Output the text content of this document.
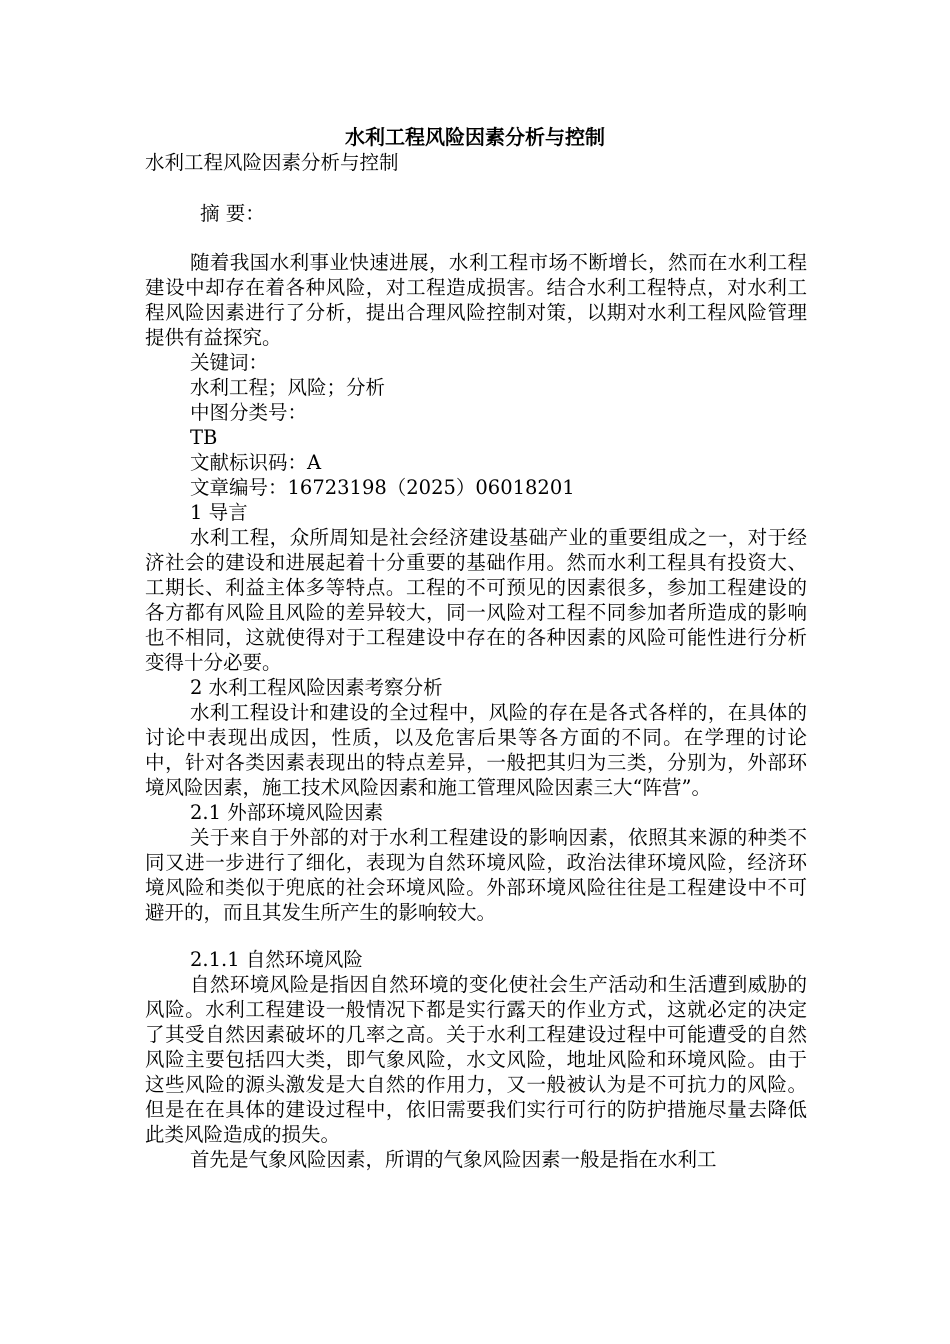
水利工程风险因素分析与控制

水利工程风险因素分析与控制

摘 要：

随着我国水利事业快速进展，水利工程市场不断增长，然而在水利工程建设中却存在着各种风险，对工程造成损害。结合水利工程特点，对水利工程风险因素进行了分析，提出合理风险控制对策，以期对水利工程风险管理提供有益探究。

关键词：

水利工程；风险；分析

中图分类号：

TB

文献标识码：A

文章编号：16723198（2025）06018201

1 导言

水利工程，众所周知是社会经济建设基础产业的重要组成之一，对于经济社会的建设和进展起着十分重要的基础作用。然而水利工程具有投资大、工期长、利益主体多等特点。工程的不可预见的因素很多，参加工程建设的各方都有风险且风险的差异较大，同一风险对工程不同参加者所造成的影响也不相同，这就使得对于工程建设中存在的各种因素的风险可能性进行分析变得十分必要。

2 水利工程风险因素考察分析

水利工程设计和建设的全过程中，风险的存在是各式各样的，在具体的讨论中表现出成因，性质，以及危害后果等各方面的不同。在学理的讨论中，针对各类因素表现出的特点差异，一般把其归为三类，分别为，外部环境风险因素，施工技术风险因素和施工管理风险因素三大“阵营”。

2.1 外部环境风险因素

关于来自于外部的对于水利工程建设的影响因素，依照其来源的种类不同又进一步进行了细化，表现为自然环境风险，政治法律环境风险，经济环境风险和类似于兜底的社会环境风险。外部环境风险往往是工程建设中不可避开的，而且其发生所产生的影响较大。

2.1.1 自然环境风险

自然环境风险是指因自然环境的变化使社会生产活动和生活遭到威胁的风险。水利工程建设一般情况下都是实行露天的作业方式，这就必定的决定了其受自然因素破坏的几率之高。关于水利工程建设过程中可能遭受的自然风险主要包括四大类，即气象风险，水文风险，地址风险和环境风险。由于这些风险的源头激发是大自然的作用力，又一般被认为是不可抗力的风险。但是在在具体的建设过程中，依旧需要我们实行可行的防护措施尽量去降低此类风险造成的损失。

首先是气象风险因素，所谓的气象风险因素一般是指在水利工
